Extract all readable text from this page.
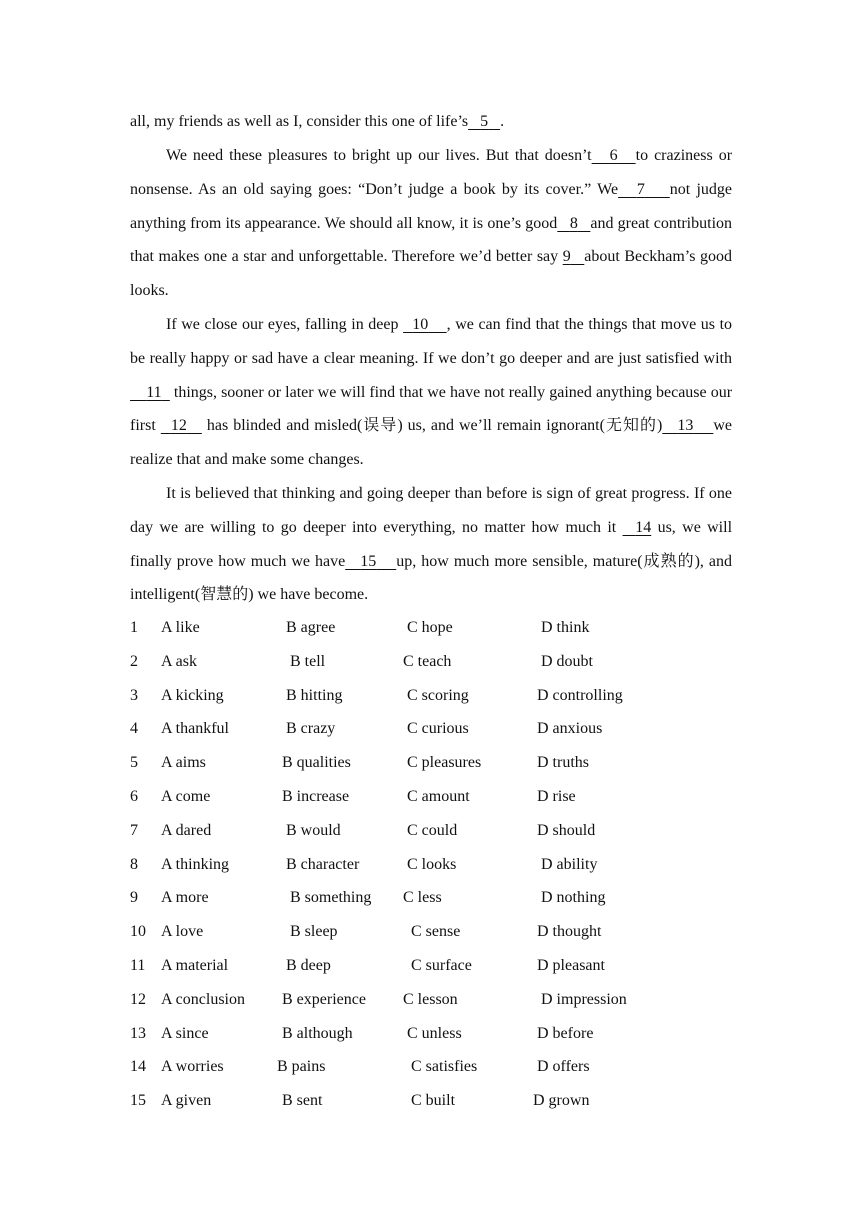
all, my friends as well as I, consider this one of life’s 5 .

We need these pleasures to bright up our lives. But that doesn’t 6 to craziness or nonsense. As an old saying goes: “Don’t judge a book by its cover.” We 7 not judge anything from its appearance. We should all know, it is one’s good 8 and great contribution that makes one a star and unforgettable. Therefore we’d better say 9 about Beckham’s good looks.

If we close our eyes, falling in deep 10 , we can find that the things that move us to be really happy or sad have a clear meaning. If we don’t go deeper and are just satisfied with    11 things, sooner or later we will find that we have not really gained anything because our first 12 has blinded and misled(误导) us, and we’ll remain ignorant(无知的) 13 we realize that and make some changes.

It is believed that thinking and going deeper than before is sign of great progress. If one day we are willing to go deeper into everything, no matter how much it 14 us, we will finally prove how much we have 15 up, how much more sensible, mature(成熟的), and intelligent(智慧的) we have become.

1 A like	B agree	C hope	D think
2 A ask	B tell	C teach	D doubt
3 A kicking	B hitting	C scoring	D controlling
4 A thankful	B crazy	C curious	D anxious
5 A aims	B qualities	C pleasures	D truths
6 A come	B increase	C amount	D rise
7 A dared	B would	C could	D should
8 A thinking	B character	C looks	D ability
9 A more	B something C less	D nothing
10 A love	B sleep	C sense	D thought
11 A material	B deep	C surface	D pleasant
12 A conclusion B experience C lesson	D impression
13 A since	B although	C unless	D before
14 A worries	B pains	C satisfies	D offers
15 A given	B sent	C built	D grown
